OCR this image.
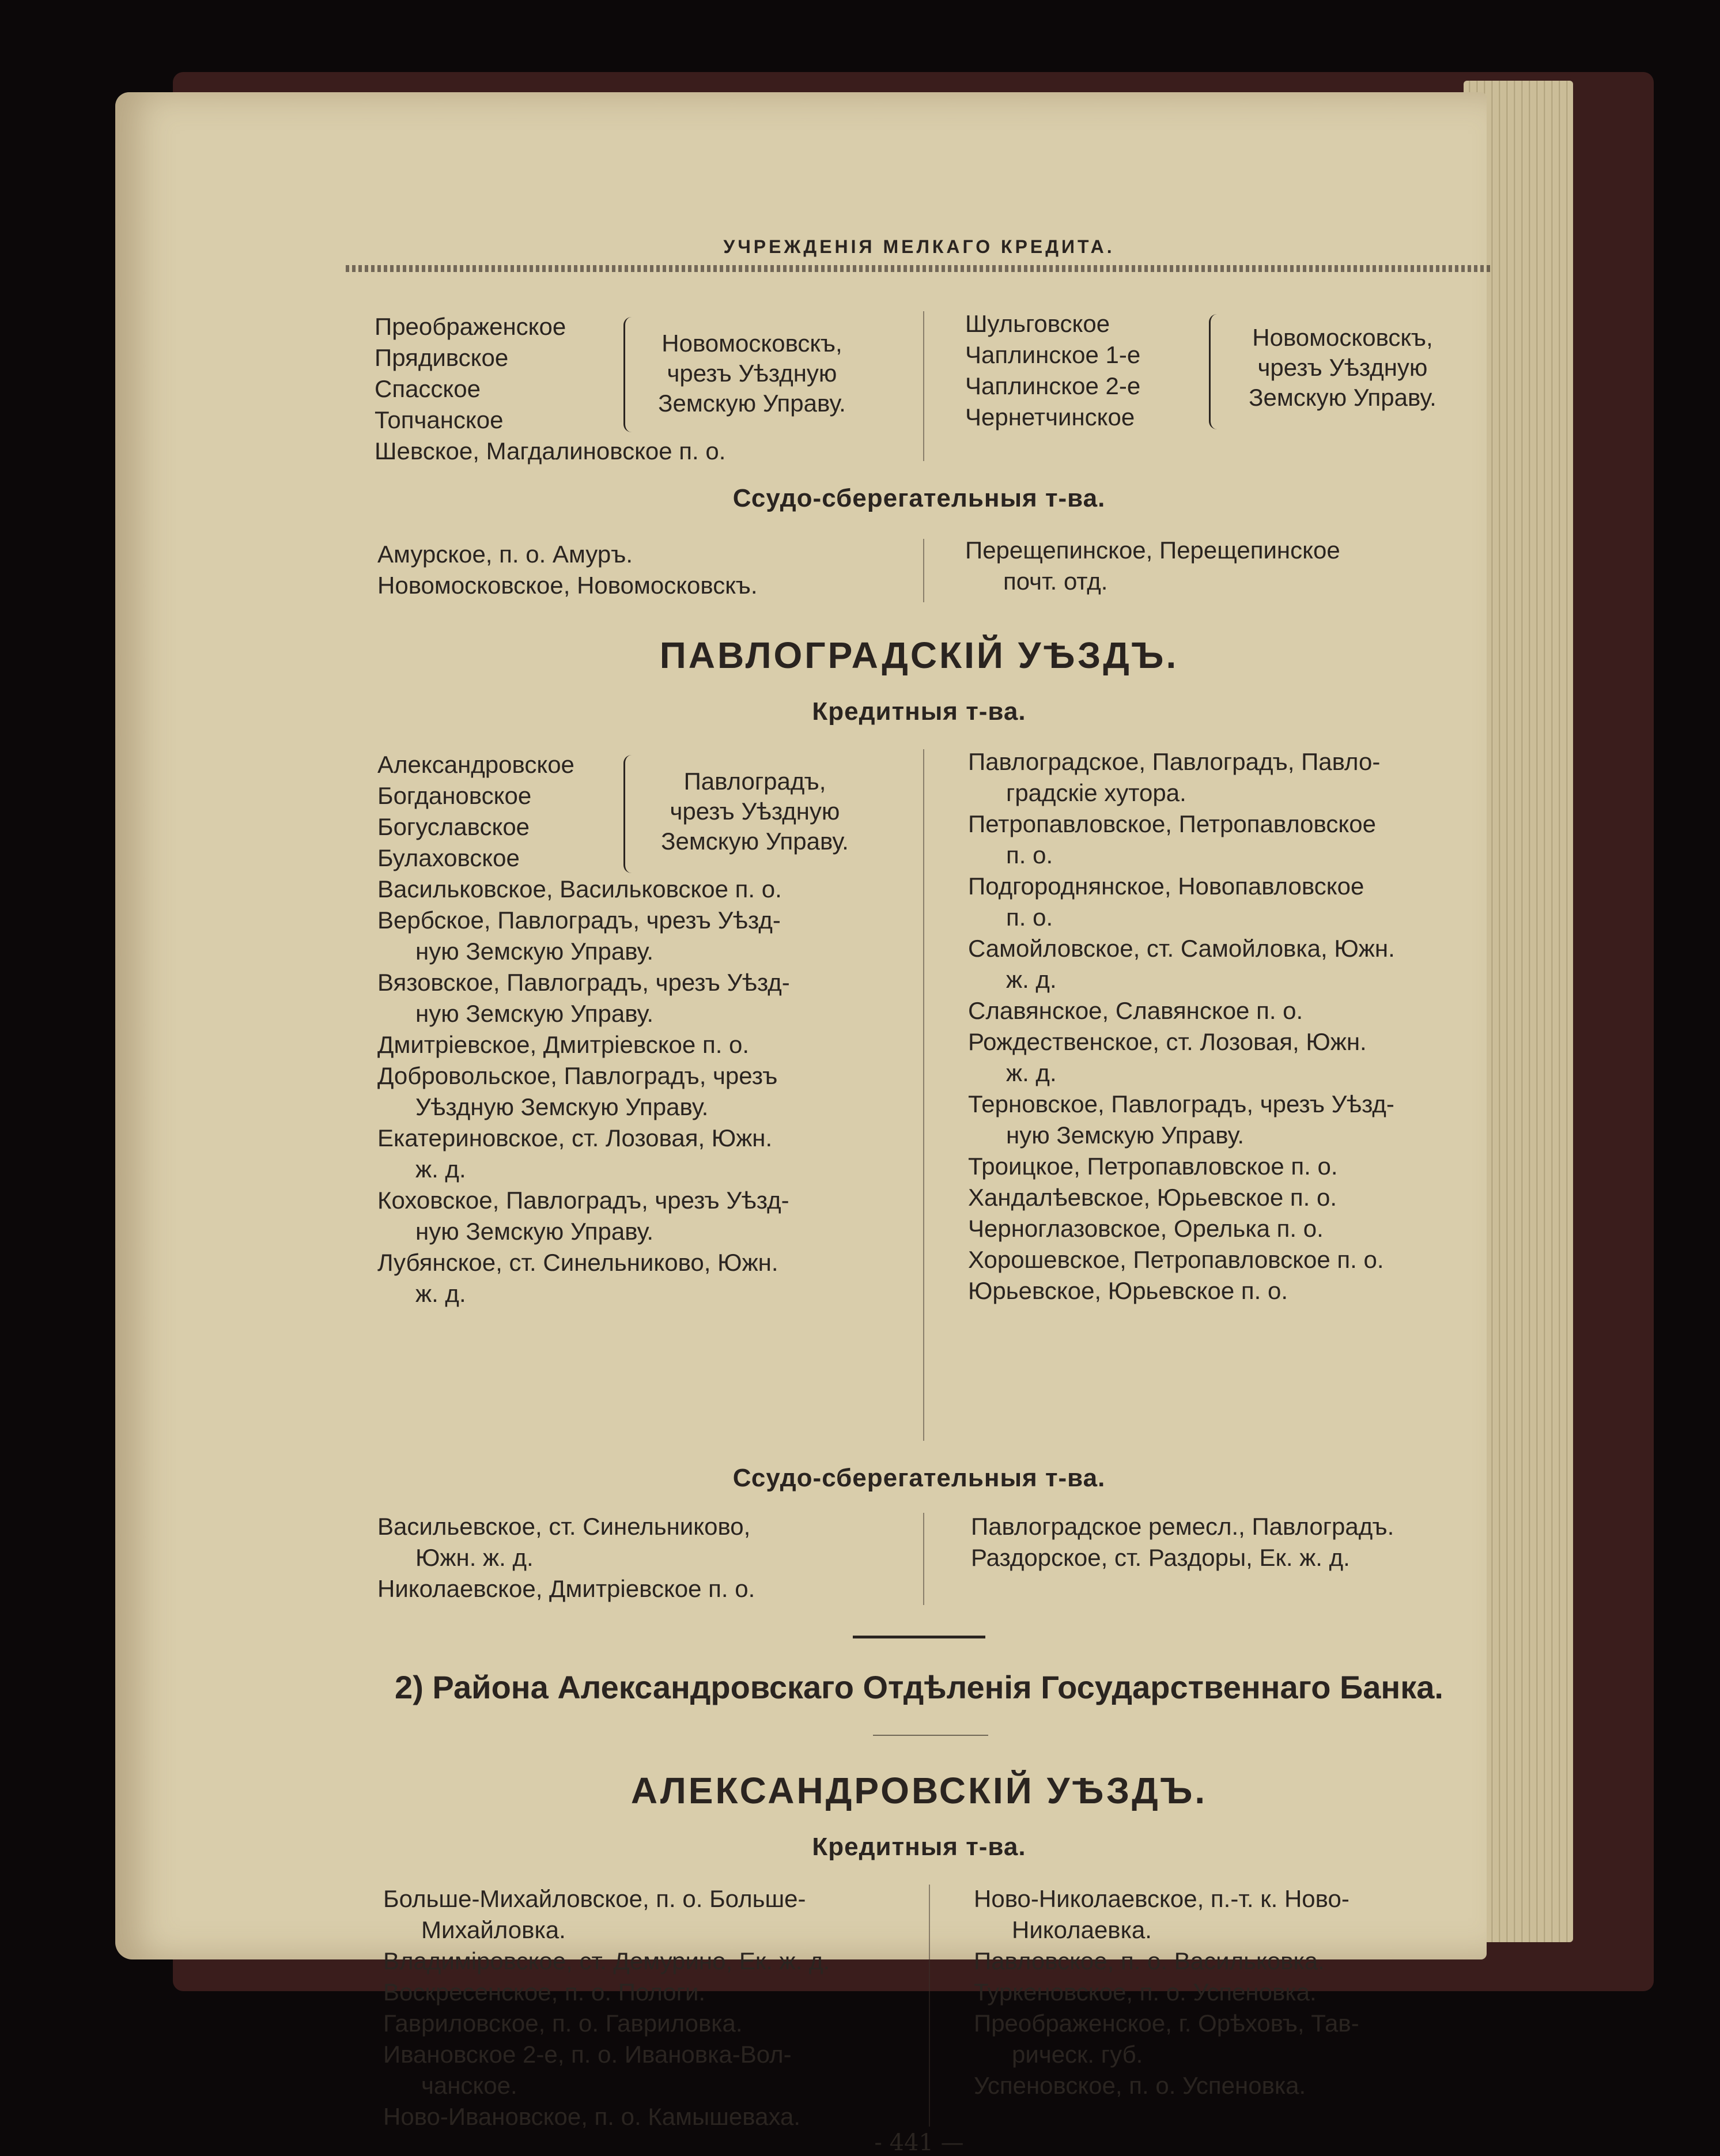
УЧРЕЖДЕНІЯ МЕЛКАГО КРЕДИТА.
Преображенское
Прядивское
Спасское
Топчанское
Шевское, Магдалиновское п. о.
Новомосковскъ,
чрезъ Уѣздную
Земскую Управу.
Шульговское
Чаплинское 1-е
Чаплинское 2-е
Чернетчинское
Новомосковскъ,
чрезъ Уѣздную
Земскую Управу.
Ссудо-сберегательныя т-ва.
Амурское, п. о. Амуръ.
Новомосковское, Новомосковскъ.
Перещепинское, Перещепинское
почт. отд.
ПАВЛОГРАДСКІЙ УѢЗДЪ.
Кредитныя т-ва.
Александровское
Богдановское
Богуславское
Булаховское
Павлоградъ,
чрезъ Уѣздную
Земскую Управу.
Васильковское, Васильковское п. о.
Вербское, Павлоградъ, чрезъ Уѣзд-
ную Земскую Управу.
Вязовское, Павлоградъ, чрезъ Уѣзд-
ную Земскую Управу.
Дмитріевское, Дмитріевское п. о.
Добровольское, Павлоградъ, чрезъ
Уѣздную Земскую Управу.
Екатериновское, ст. Лозовая, Южн.
ж. д.
Коховское, Павлоградъ, чрезъ Уѣзд-
ную Земскую Управу.
Лубянское, ст. Синельниково, Южн.
ж. д.
Павлоградское, Павлоградъ, Павло-
градскіе хутора.
Петропавловское, Петропавловское
п. о.
Подгороднянское, Новопавловское
п. о.
Самойловское, ст. Самойловка, Южн.
ж. д.
Славянское, Славянское п. о.
Рождественское, ст. Лозовая, Южн.
ж. д.
Терновское, Павлоградъ, чрезъ Уѣзд-
ную Земскую Управу.
Троицкое, Петропавловское п. о.
Хандалѣевское, Юрьевское п. о.
Черноглазовское, Орелька п. о.
Хорошевское, Петропавловское п. о.
Юрьевское, Юрьевское п. о.
Ссудо-сберегательныя т-ва.
Васильевское, ст. Синельниково,
Южн. ж. д.
Николаевское, Дмитріевское п. о.
Павлоградское ремесл., Павлоградъ.
Раздорское, ст. Раздоры, Ек. ж. д.
2) Района Александровскаго Отдѣленія Государственнаго Банка.
АЛЕКСАНДРОВСКІЙ УѢЗДЪ.
Кредитныя т-ва.
Больше-Михайловское, п. о. Больше-
Михайловка.
Владиміровское, ст. Демурино, Ек. ж. д.
Воскресенское, п. о. Пологи.
Гавриловское, п. о. Гавриловка.
Ивановское 2-е, п. о. Ивановка-Вол-
чанское.
Ново-Ивановское, п. о. Камышеваха.
Ново-Николаевское, п.-т. к. Ново-
Николаевка.
Павловское, п. о. Васильковка.
Туркеновское, п. о. Успеновка.
Преображенское, г. Орѣховъ, Тав-
рическ. губ.
Успеновское, п. о. Успеновка.
- 441 —
